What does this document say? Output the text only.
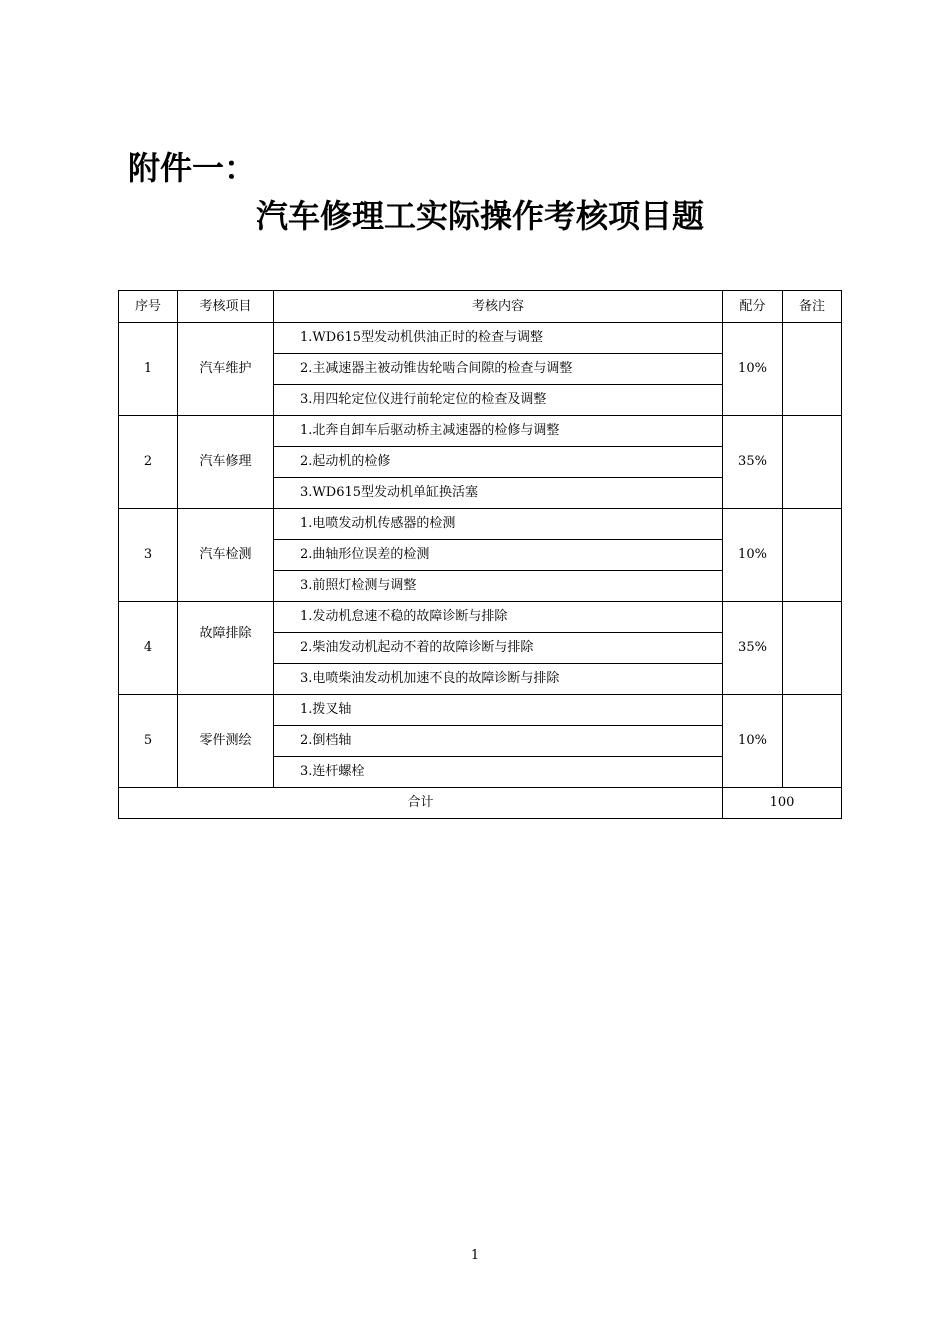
附件一：
汽车修理工实际操作考核项目题
序号	考核项目	考核内容	配分	备注
1	汽车维护	1.WD615型发动机供油正时的检查与调整	10%	
		2.主减速器主被动锥齿轮啮合间隙的检查与调整		
		3.用四轮定位仪进行前轮定位的检查及调整		
2	汽车修理	1.北奔自卸车后驱动桥主减速器的检修与调整	35%	
		2.起动机的检修		
		3.WD615型发动机单缸换活塞		
3	汽车检测	1.电喷发动机传感器的检测	10%	
		2.曲轴形位误差的检测		
		3.前照灯检测与调整		
4	故障排除	1.发动机怠速不稳的故障诊断与排除	35%	
		2.柴油发动机起动不着的故障诊断与排除		
		3.电喷柴油发动机加速不良的故障诊断与排除		
5	零件测绘	1.拨叉轴	10%	
		2.倒档轴		
		3.连杆螺栓		
合计			100	
1
